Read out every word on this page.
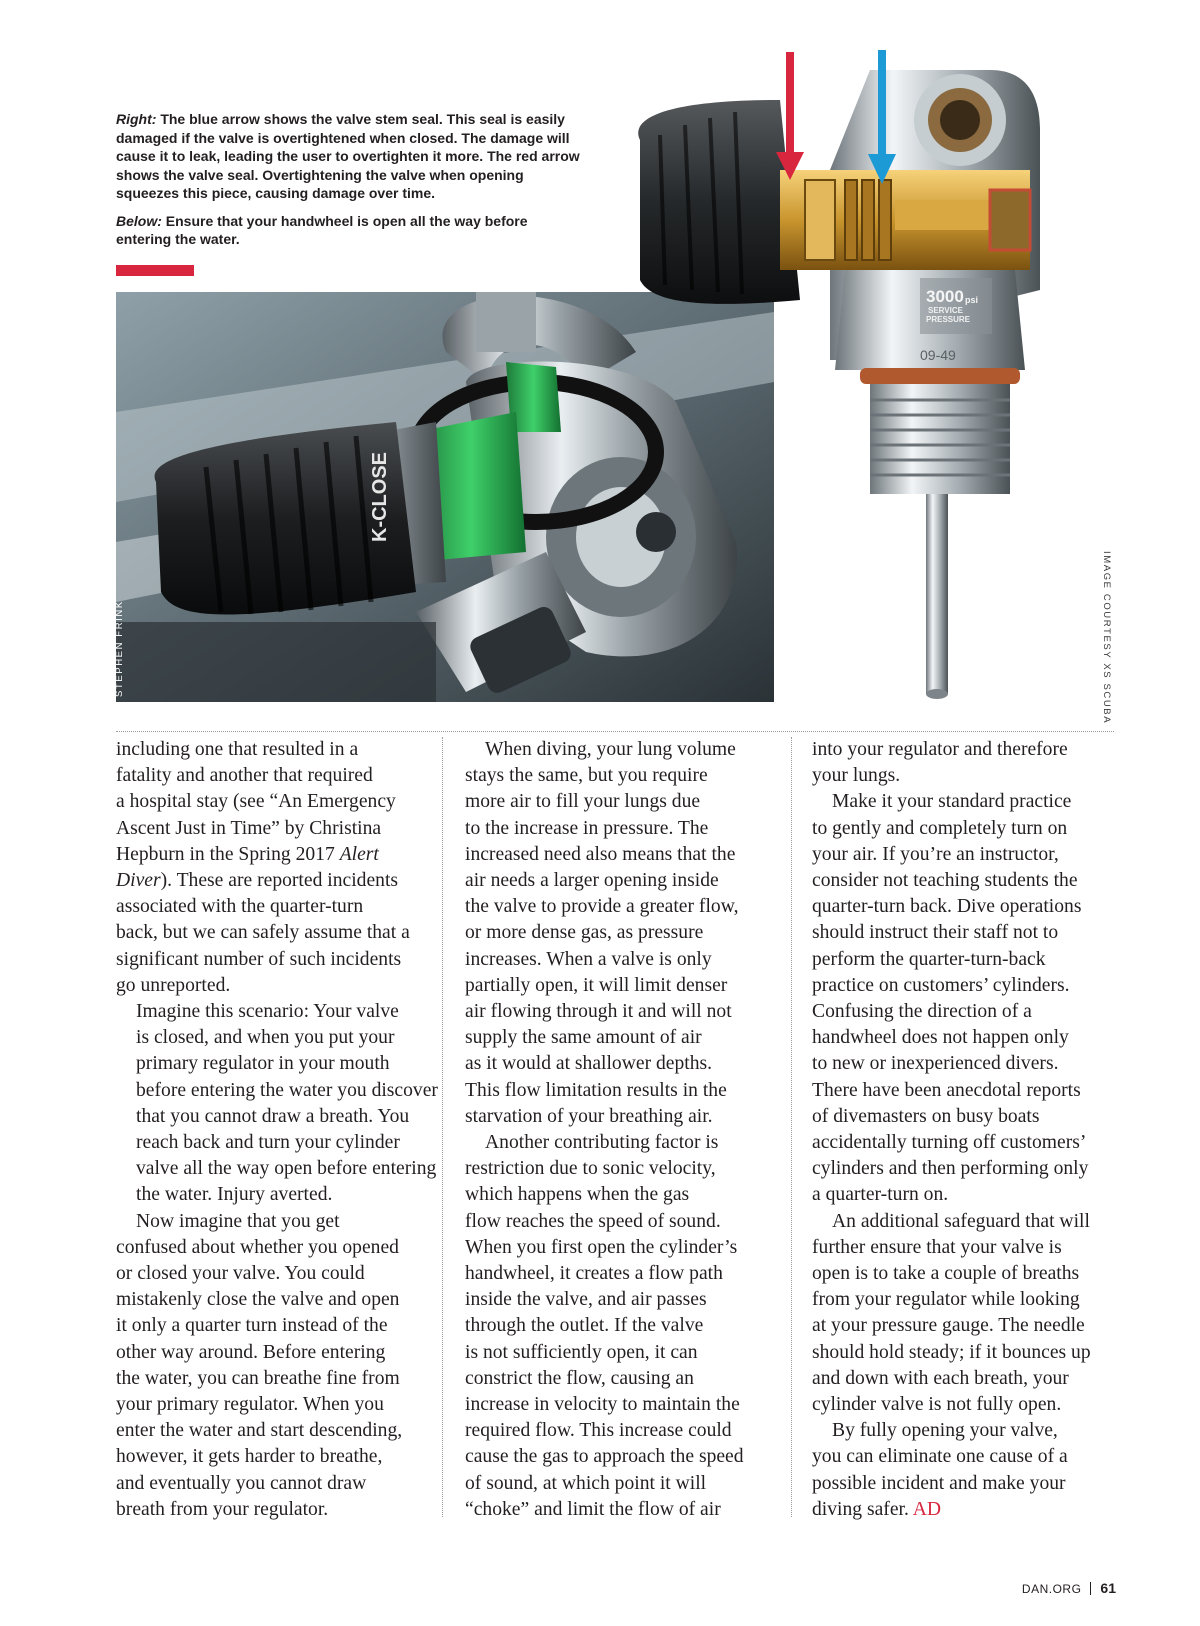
Right: The blue arrow shows the valve stem seal. This seal is easily damaged if the valve is overtightened when closed. The damage will cause it to leak, leading the user to overtighten it more. The red arrow shows the valve seal. Overtightening the valve when opening squeezes this piece, causing damage over time.

Below: Ensure that your handwheel is open all the way before entering the water.

K-CLOSE
STEPHEN FRINK
3000 psi
SERVICE
PRESSURE
09-49
IMAGE COURTESY XS SCUBA

including one that resulted in a
fatality and another that required
a hospital stay (see “An Emergency
Ascent Just in Time” by Christina
Hepburn in the Spring 2017 Alert
Diver). These are reported incidents
associated with the quarter-turn
back, but we can safely assume that a
significant number of such incidents
go unreported.

Imagine this scenario: Your valve
is closed, and when you put your
primary regulator in your mouth
before entering the water you discover
that you cannot draw a breath. You
reach back and turn your cylinder
valve all the way open before entering
the water. Injury averted.

Now imagine that you get
confused about whether you opened
or closed your valve. You could
mistakenly close the valve and open
it only a quarter turn instead of the
other way around. Before entering
the water, you can breathe fine from
your primary regulator. When you
enter the water and start descending,
however, it gets harder to breathe,
and eventually you cannot draw
breath from your regulator.

When diving, your lung volume
stays the same, but you require
more air to fill your lungs due
to the increase in pressure. The
increased need also means that the
air needs a larger opening inside
the valve to provide a greater flow,
or more dense gas, as pressure
increases. When a valve is only
partially open, it will limit denser
air flowing through it and will not
supply the same amount of air
as it would at shallower depths.
This flow limitation results in the
starvation of your breathing air.

Another contributing factor is
restriction due to sonic velocity,
which happens when the gas
flow reaches the speed of sound.
When you first open the cylinder’s
handwheel, it creates a flow path
inside the valve, and air passes
through the outlet. If the valve
is not sufficiently open, it can
constrict the flow, causing an
increase in velocity to maintain the
required flow. This increase could
cause the gas to approach the speed
of sound, at which point it will
“choke” and limit the flow of air

into your regulator and therefore
your lungs.

Make it your standard practice
to gently and completely turn on
your air. If you’re an instructor,
consider not teaching students the
quarter-turn back. Dive operations
should instruct their staff not to
perform the quarter-turn-back
practice on customers’ cylinders.
Confusing the direction of a
handwheel does not happen only
to new or inexperienced divers.
There have been anecdotal reports
of divemasters on busy boats
accidentally turning off customers’
cylinders and then performing only
a quarter-turn on.

An additional safeguard that will
further ensure that your valve is
open is to take a couple of breaths
from your regulator while looking
at your pressure gauge. The needle
should hold steady; if it bounces up
and down with each breath, your
cylinder valve is not fully open.

By fully opening your valve,
you can eliminate one cause of a
possible incident and make your
diving safer. AD

DAN.ORG 61
